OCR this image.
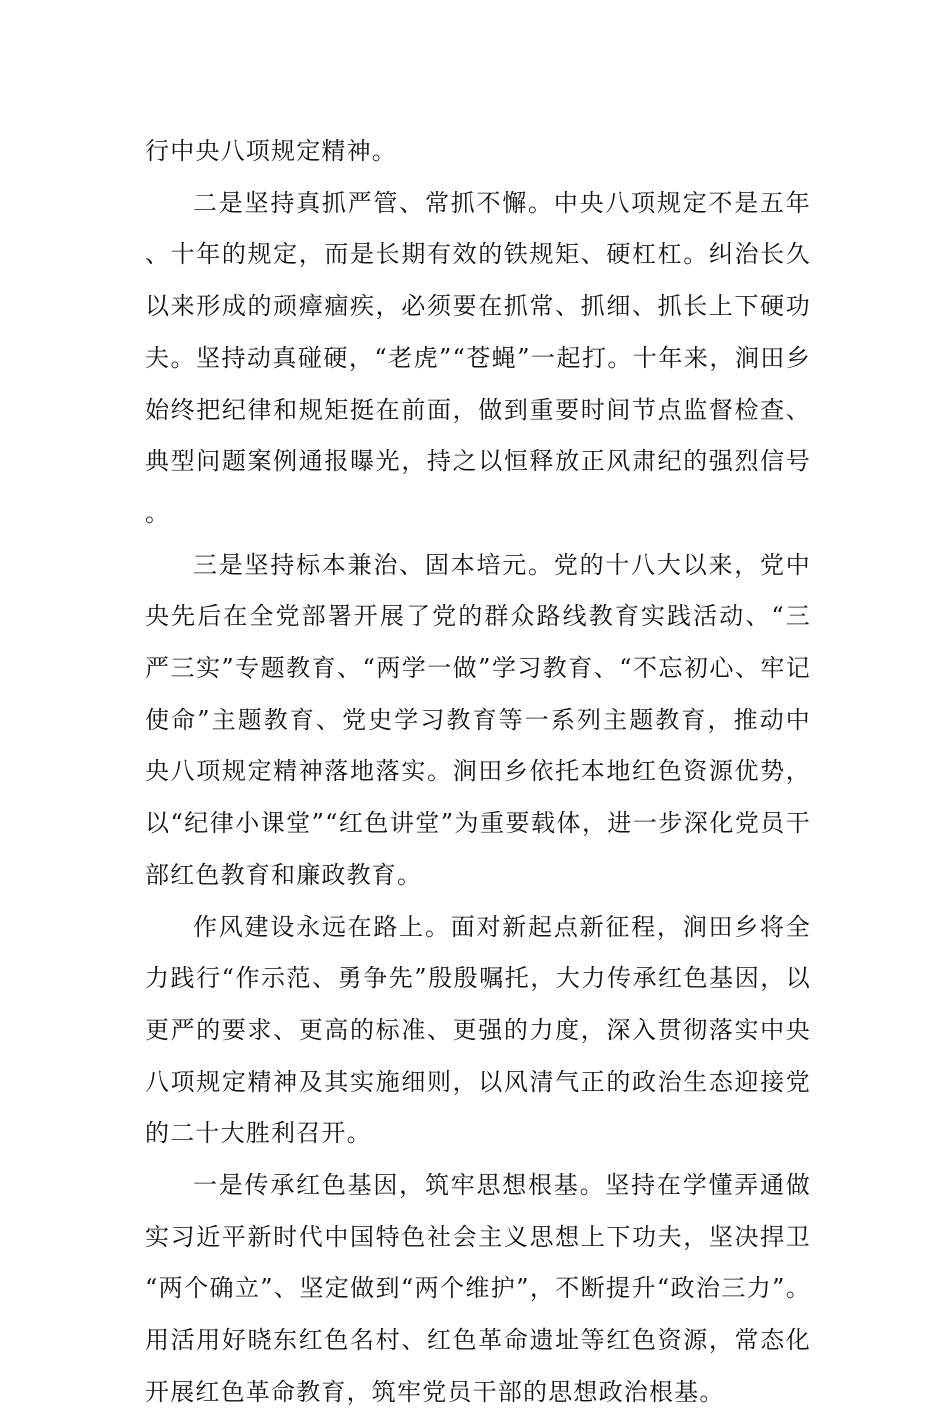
行中央八项规定精神。

二是坚持真抓严管、常抓不懈。中央八项规定不是五年、十年的规定，而是长期有效的铁规矩、硬杠杠。纠治长久以来形成的顽瘴痼疾，必须要在抓常、抓细、抓长上下硬功夫。坚持动真碰硬，“老虎”“苍蝇”一起打。十年来，涧田乡始终把纪律和规矩挺在前面，做到重要时间节点监督检查、典型问题案例通报曝光，持之以恒释放正风肃纪的强烈信号。

三是坚持标本兼治、固本培元。党的十八大以来，党中央先后在全党部署开展了党的群众路线教育实践活动、“三严三实”专题教育、“两学一做”学习教育、“不忘初心、牢记使命”主题教育、党史学习教育等一系列主题教育，推动中央八项规定精神落地落实。涧田乡依托本地红色资源优势，以“纪律小课堂”“红色讲堂”为重要载体，进一步深化党员干部红色教育和廉政教育。

作风建设永远在路上。面对新起点新征程，涧田乡将全力践行“作示范、勇争先”殷殷嘱托，大力传承红色基因，以更严的要求、更高的标准、更强的力度，深入贯彻落实中央八项规定精神及其实施细则，以风清气正的政治生态迎接党的二十大胜利召开。

一是传承红色基因，筑牢思想根基。坚持在学懂弄通做实习近平新时代中国特色社会主义思想上下功夫，坚决捍卫“两个确立”、坚定做到“两个维护”，不断提升“政治三力”。用活用好晓东红色名村、红色革命遗址等红色资源，常态化开展红色革命教育，筑牢党员干部的思想政治根基。
